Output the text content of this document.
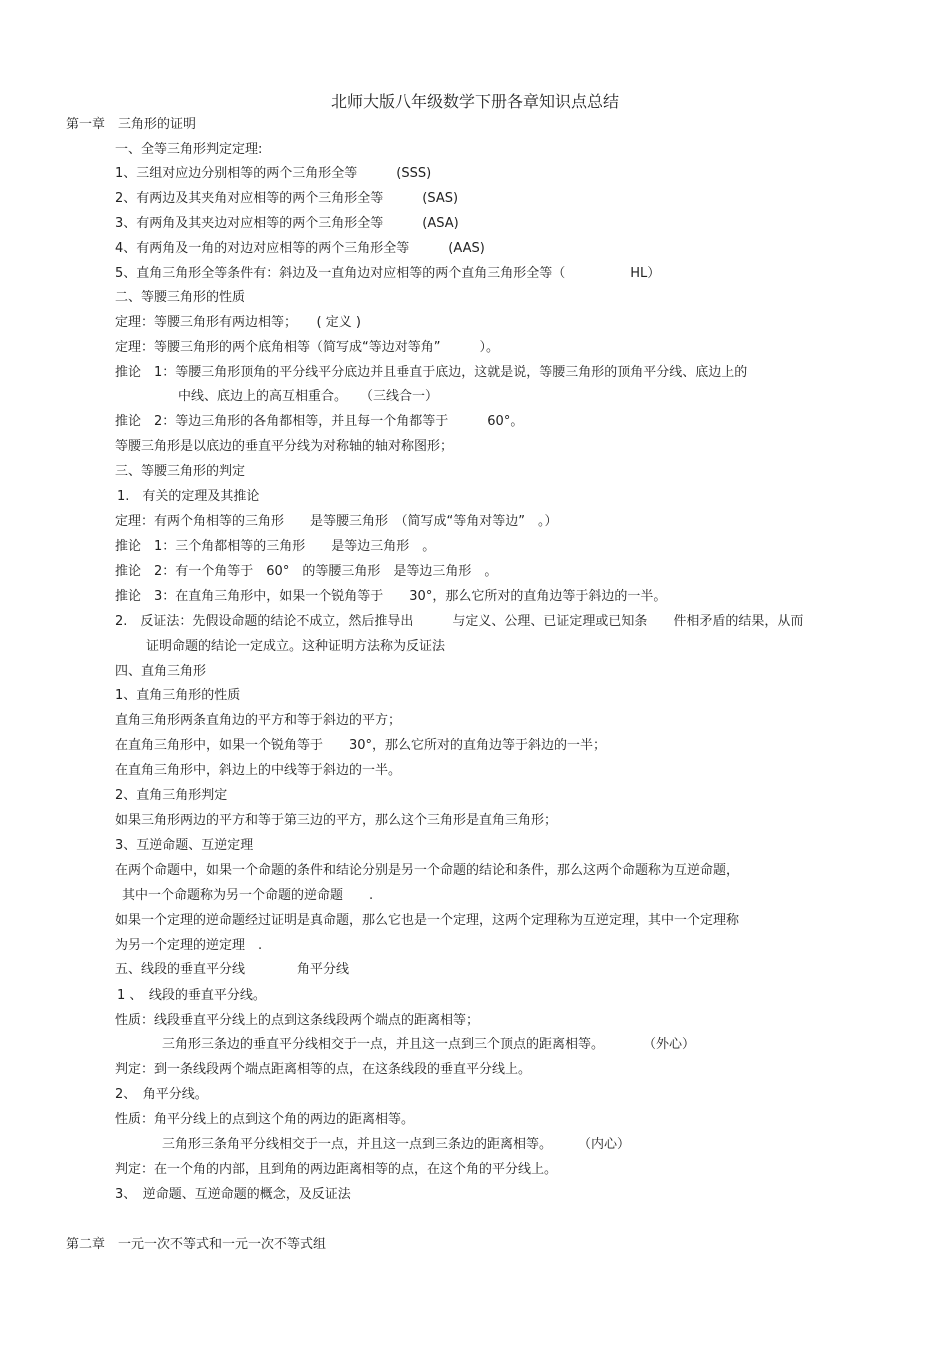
北师大版八年级数学下册各章知识点总结
第一章　三角形的证明
一、全等三角形判定定理:
1、三组对应边分别相等的两个三角形全等　　　(SSS)
2、有两边及其夹角对应相等的两个三角形全等　　　(SAS)
3、有两角及其夹边对应相等的两个三角形全等　　　(ASA)
4、有两角及一角的对边对应相等的两个三角形全等　　　(AAS)
5、直角三角形全等条件有：斜边及一直角边对应相等的两个直角三角形全等（　　　　　HL）
二、等腰三角形的性质
定理：等腰三角形有两边相等；　　( 定义 )
定理：等腰三角形的两个底角相等（简写成“等边对等角”　　　）。
推论　1：等腰三角形顶角的平分线平分底边并且垂直于底边，这就是说，等腰三角形的顶角平分线、底边上的
中线、底边上的高互相重合。　　（三线合一）
推论　2：等边三角形的各角都相等，并且每一个角都等于　　　60°。
等腰三角形是以底边的垂直平分线为对称轴的轴对称图形；
三、等腰三角形的判定
1.　有关的定理及其推论
定理：有两个角相等的三角形　　是等腰三角形　（简写成“等角对等边”　。）
推论　1：三个角都相等的三角形　　是等边三角形　。
推论　2：有一个角等于　60°　的等腰三角形　是等边三角形　。
推论　3：在直角三角形中，如果一个锐角等于　　30°，那么它所对的直角边等于斜边的一半。
2.　反证法：先假设命题的结论不成立，然后推导出　　　与定义、公理、已证定理或已知条　　件相矛盾的结果，从而
证明命题的结论一定成立。这种证明方法称为反证法
四、直角三角形
1、直角三角形的性质
直角三角形两条直角边的平方和等于斜边的平方；
在直角三角形中，如果一个锐角等于　　30°，那么它所对的直角边等于斜边的一半；
在直角三角形中，斜边上的中线等于斜边的一半。
2、直角三角形判定
如果三角形两边的平方和等于第三边的平方，那么这个三角形是直角三角形；
3、互逆命题、互逆定理
在两个命题中，如果一个命题的条件和结论分别是另一个命题的结论和条件，那么这两个命题称为互逆命题，
其中一个命题称为另一个命题的逆命题　　.
如果一个定理的逆命题经过证明是真命题，那么它也是一个定理，这两个定理称为互逆定理，其中一个定理称
为另一个定理的逆定理　.
五、线段的垂直平分线　　　　角平分线
1 、　线段的垂直平分线。
性质：线段垂直平分线上的点到这条线段两个端点的距离相等；
三角形三条边的垂直平分线相交于一点，并且这一点到三个顶点的距离相等。　　　　（外心）
判定：到一条线段两个端点距离相等的点，在这条线段的垂直平分线上。
2、　角平分线。
性质：角平分线上的点到这个角的两边的距离相等。
三角形三条角平分线相交于一点，并且这一点到三条边的距离相等。　　　（内心）
判定：在一个角的内部，且到角的两边距离相等的点，在这个角的平分线上。
3、　逆命题、互逆命题的概念，及反证法
第二章　一元一次不等式和一元一次不等式组
